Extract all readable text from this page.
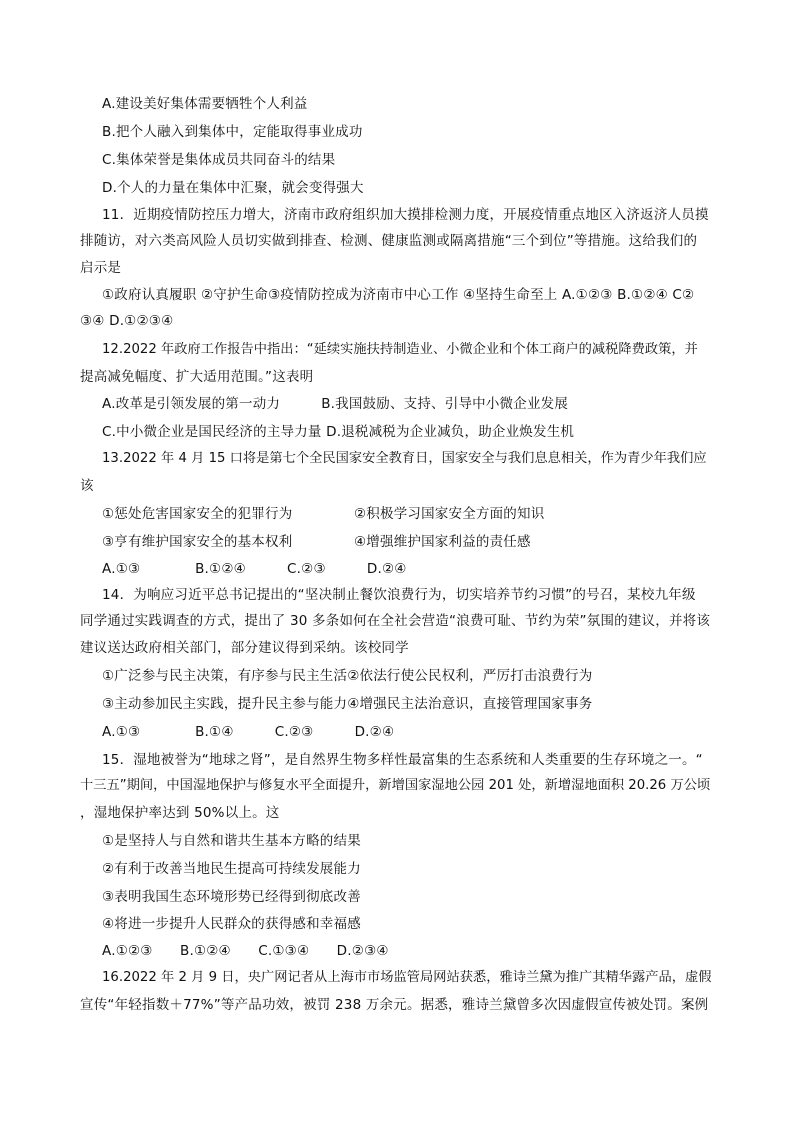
A.建设美好集体需要牺牲个人利益
B.把个人融入到集体中，定能取得事业成功
C.集体荣誉是集体成员共同奋斗的结果
D.个人的力量在集体中汇聚，就会变得强大
11．近期疫情防控压力增大，济南市政府组织加大摸排检测力度，开展疫情重点地区入济返济人员摸
排随访，对六类高风险人员切实做到排查、检测、健康监测或隔离措施“三个到位”等措施。这给我们的
启示是
①政府认真履职 ②守护生命③疫情防控成为济南市中心工作 ④坚持生命至上 A.①②③ B.①②④ C②
③④ D.①②③④
12.2022 年政府工作报告中指出：“延续实施扶持制造业、小微企业和个体工商户的减税降费政策，并
提高减免幅度、扩大适用范围。”这表明
A.改革是引领发展的第一动力　　　B.我国鼓励、支持、引导中小微企业发展
C.中小微企业是国民经济的主导力量 D.退税减税为企业减负，助企业焕发生机
13.2022 年 4 月 15 口将是第七个全民国家安全教育日，国家安全与我们息息相关，作为青少年我们应
该
①惩处危害国家安全的犯罪行为	②积极学习国家安全方面的知识
③亨有维护国家安全的基本权利	④增强维护国家利益的责任感
A.①③　　　　B.①②④　　　C.②③　　　D.②④
14．为响应习近平总书记提出的“坚决制止餐饮浪费行为，切实培养节约习惯”的号召，某校九年级
同学通过实践调查的方式，提出了 30 多条如何在全社会营造“浪费可耻、节约为荣”氛围的建议，并将该
建议送达政府相关部门，部分建议得到采纳。该校同学
①广泛参与民主决策，有序参与民主生活②依法行使公民权利，严厉打击浪费行为
③主动参加民主实践，提升民主参与能力④增强民主法治意识，直接管理国家事务
A.①③　　　　B.①④　　　C.②③　　　D.②④
15．湿地被誉为“地球之肾”，是自然界生物多样性最富集的生态系统和人类重要的生存环境之一。“
十三五”期间，中国湿地保护与修复水平全面提升，新增国家湿地公园 201 处，新增湿地面积 20.26 万公顷
，湿地保护率达到 50%以上。这
①是坚持人与自然和谐共生基本方略的结果
②有利于改善当地民生提高可持续发展能力
③表明我国生态环境形势已经得到彻底改善
④将进一步提升人民群众的获得感和幸福感
A.①②③　　B.①②④　　C.①③④　　D.②③④
16.2022 年 2 月 9 日，央广网记者从上海市市场监管局网站获悉，雅诗兰黛为推广其精华露产品，虚假
宣传“年轻指数＋77%”等产品功效，被罚 238 万余元。据悉，雅诗兰黛曾多次因虚假宣传被处罚。案例
